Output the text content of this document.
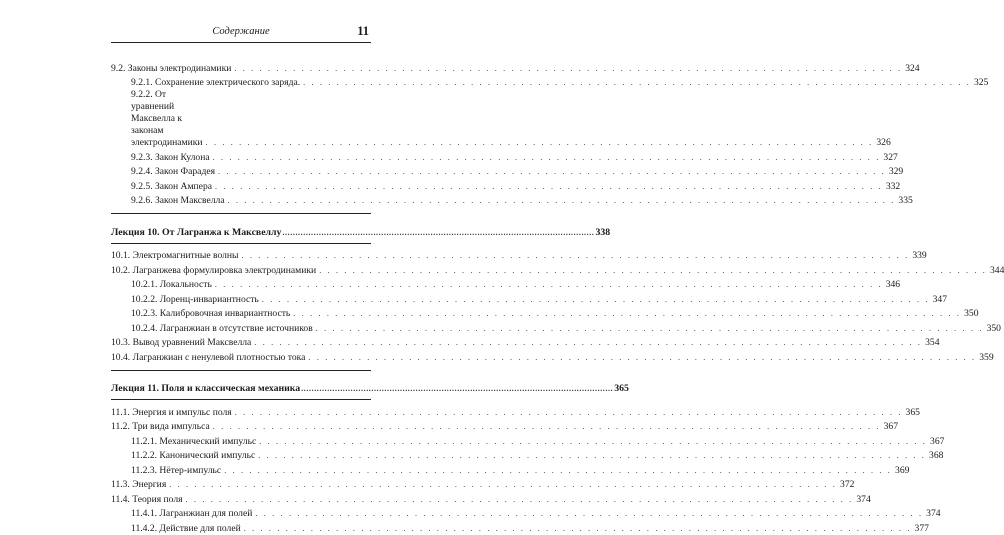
Содержание	11
9.2. Законы электродинамики . . . . . . . . . . . . . . . . . . . . . . . . . . . . . . . . . . . . . . . . . . . . . . . . . . . . . . . . . . . . . . . . . . . . . . . . . . . . . . . . 324
9.2.1. Сохранение электрического заряда. . . . . . . . . . . . . . . . . . . . . . . . . . . . . . . . . . . . . . . . . . . . . . . . . . . . . . . . . . . . . . . . . . . . . . . . . . . . . . . . . 325
9.2.2. От уравнений Максвелла к законам электродинамики . . . . . . . . . . . . . . . . . . . . . . . . . . . . . . . . . . . . . . . . . . . . . . . . . . . . . . . . . . . . . . . . . . . . . . . . . . . . . . . . 326
9.2.3. Закон Кулона . . . . . . . . . . . . . . . . . . . . . . . . . . . . . . . . . . . . . . . . . . . . . . . . . . . . . . . . . . . . . . . . . . . . . . . . . . . . . . . . 327
9.2.4. Закон Фарадея . . . . . . . . . . . . . . . . . . . . . . . . . . . . . . . . . . . . . . . . . . . . . . . . . . . . . . . . . . . . . . . . . . . . . . . . . . . . . . . . 329
9.2.5. Закон Ампера . . . . . . . . . . . . . . . . . . . . . . . . . . . . . . . . . . . . . . . . . . . . . . . . . . . . . . . . . . . . . . . . . . . . . . . . . . . . . . . . 332
9.2.6. Закон Максвелла . . . . . . . . . . . . . . . . . . . . . . . . . . . . . . . . . . . . . . . . . . . . . . . . . . . . . . . . . . . . . . . . . . . . . . . . . . . . . . . . 335
Лекция 10. От Лагранжа к Максвеллу ........................................................................................................................ 338
10.1. Электромагнитные волны . . . . . . . . . . . . . . . . . . . . . . . . . . . . . . . . . . . . . . . . . . . . . . . . . . . . . . . . . . . . . . . . . . . . . . . . . . . . . . . . 339
10.2. Лагранжева формулировка электродинамики . . . . . . . . . . . . . . . . . . . . . . . . . . . . . . . . . . . . . . . . . . . . . . . . . . . . . . . . . . . . . . . . . . . . . . . . . . . . . . . . 344
10.2.1. Локальность . . . . . . . . . . . . . . . . . . . . . . . . . . . . . . . . . . . . . . . . . . . . . . . . . . . . . . . . . . . . . . . . . . . . . . . . . . . . . . . . 346
10.2.2. Лоренц-инвариантность . . . . . . . . . . . . . . . . . . . . . . . . . . . . . . . . . . . . . . . . . . . . . . . . . . . . . . . . . . . . . . . . . . . . . . . . . . . . . . . . 347
10.2.3. Калибровочная инвариантность . . . . . . . . . . . . . . . . . . . . . . . . . . . . . . . . . . . . . . . . . . . . . . . . . . . . . . . . . . . . . . . . . . . . . . . . . . . . . . . . 350
10.2.4. Лагранжиан в отсутствие источников . . . . . . . . . . . . . . . . . . . . . . . . . . . . . . . . . . . . . . . . . . . . . . . . . . . . . . . . . . . . . . . . . . . . . . . . . . . . . . . . 350
10.3. Вывод уравнений Максвелла . . . . . . . . . . . . . . . . . . . . . . . . . . . . . . . . . . . . . . . . . . . . . . . . . . . . . . . . . . . . . . . . . . . . . . . . . . . . . . . . 354
10.4. Лагранжиан с ненулевой плотностью тока . . . . . . . . . . . . . . . . . . . . . . . . . . . . . . . . . . . . . . . . . . . . . . . . . . . . . . . . . . . . . . . . . . . . . . . . . . . . . . . . 359
Лекция 11. Поля и классическая механика ........................................................................................................................ 365
11.1. Энергия и импульс поля . . . . . . . . . . . . . . . . . . . . . . . . . . . . . . . . . . . . . . . . . . . . . . . . . . . . . . . . . . . . . . . . . . . . . . . . . . . . . . . . 365
11.2. Три вида импульса . . . . . . . . . . . . . . . . . . . . . . . . . . . . . . . . . . . . . . . . . . . . . . . . . . . . . . . . . . . . . . . . . . . . . . . . . . . . . . . . 367
11.2.1. Механический импульс . . . . . . . . . . . . . . . . . . . . . . . . . . . . . . . . . . . . . . . . . . . . . . . . . . . . . . . . . . . . . . . . . . . . . . . . . . . . . . . . 367
11.2.2. Канонический импульс . . . . . . . . . . . . . . . . . . . . . . . . . . . . . . . . . . . . . . . . . . . . . . . . . . . . . . . . . . . . . . . . . . . . . . . . . . . . . . . . 368
11.2.3. Нётер-импульс . . . . . . . . . . . . . . . . . . . . . . . . . . . . . . . . . . . . . . . . . . . . . . . . . . . . . . . . . . . . . . . . . . . . . . . . . . . . . . . . 369
11.3. Энергия . . . . . . . . . . . . . . . . . . . . . . . . . . . . . . . . . . . . . . . . . . . . . . . . . . . . . . . . . . . . . . . . . . . . . . . . . . . . . . . . 372
11.4. Теория поля . . . . . . . . . . . . . . . . . . . . . . . . . . . . . . . . . . . . . . . . . . . . . . . . . . . . . . . . . . . . . . . . . . . . . . . . . . . . . . . . 374
11.4.1. Лагранжиан для полей . . . . . . . . . . . . . . . . . . . . . . . . . . . . . . . . . . . . . . . . . . . . . . . . . . . . . . . . . . . . . . . . . . . . . . . . . . . . . . . . 374
11.4.2. Действие для полей . . . . . . . . . . . . . . . . . . . . . . . . . . . . . . . . . . . . . . . . . . . . . . . . . . . . . . . . . . . . . . . . . . . . . . . . . . . . . . . . 377
